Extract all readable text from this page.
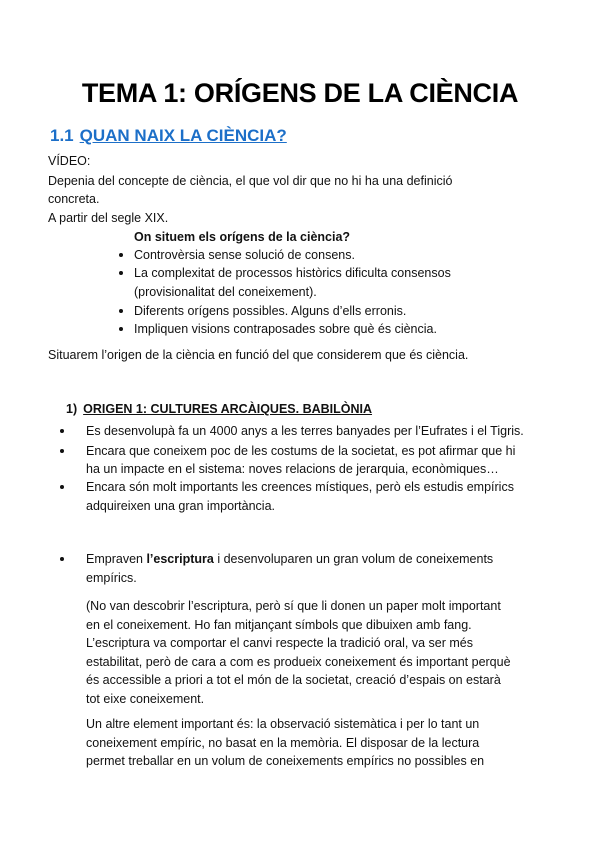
TEMA 1: ORÍGENS DE LA CIÈNCIA
1.1 QUAN NAIX LA CIÈNCIA?
VÍDEO:
Depenia del concepte de ciència, el que vol dir que no hi ha una definició
concreta.
A partir del segle XIX.
On situem els orígens de la ciència?
Controvèrsia sense solució de consens.
La complexitat de processos històrics dificulta consensos
(provisionalitat del coneixement).
Diferents orígens possibles. Alguns d’ells erronis.
Impliquen visions contraposades sobre què és ciència.
Situarem l’origen de la ciència en funció del que considerem que és ciència.
1) ORIGEN 1: CULTURES ARCÀIQUES. BABILÒNIA
Es desenvolupà fa un 4000 anys a les terres banyades per l’Eufrates i el Tigris.
Encara que coneixem poc de les costums de la societat, es pot afirmar que hi
ha un impacte en el sistema: noves relacions de jerarquia, econòmiques…
Encara són molt importants les creences místiques, però els estudis empírics
adquireixen una gran importància.
Empraven l’escriptura i desenvoluparen un gran volum de coneixements
empírics.
(No van descobrir l’escriptura, però sí que li donen un paper molt important
en el coneixement. Ho fan mitjançant símbols que dibuixen amb fang.
L’escriptura va comportar el canvi respecte la tradició oral, va ser més
estabilitat, però de cara a com es produeix coneixement és important perquè
és accessible a priori a tot el món de la societat, creació d’espais on estarà
tot eixe coneixement.
Un altre element important és: la observació sistemàtica i per lo tant un
coneixement empíric, no basat en la memòria. El disposar de la lectura
permet treballar en un volum de coneixements empírics no possibles en
